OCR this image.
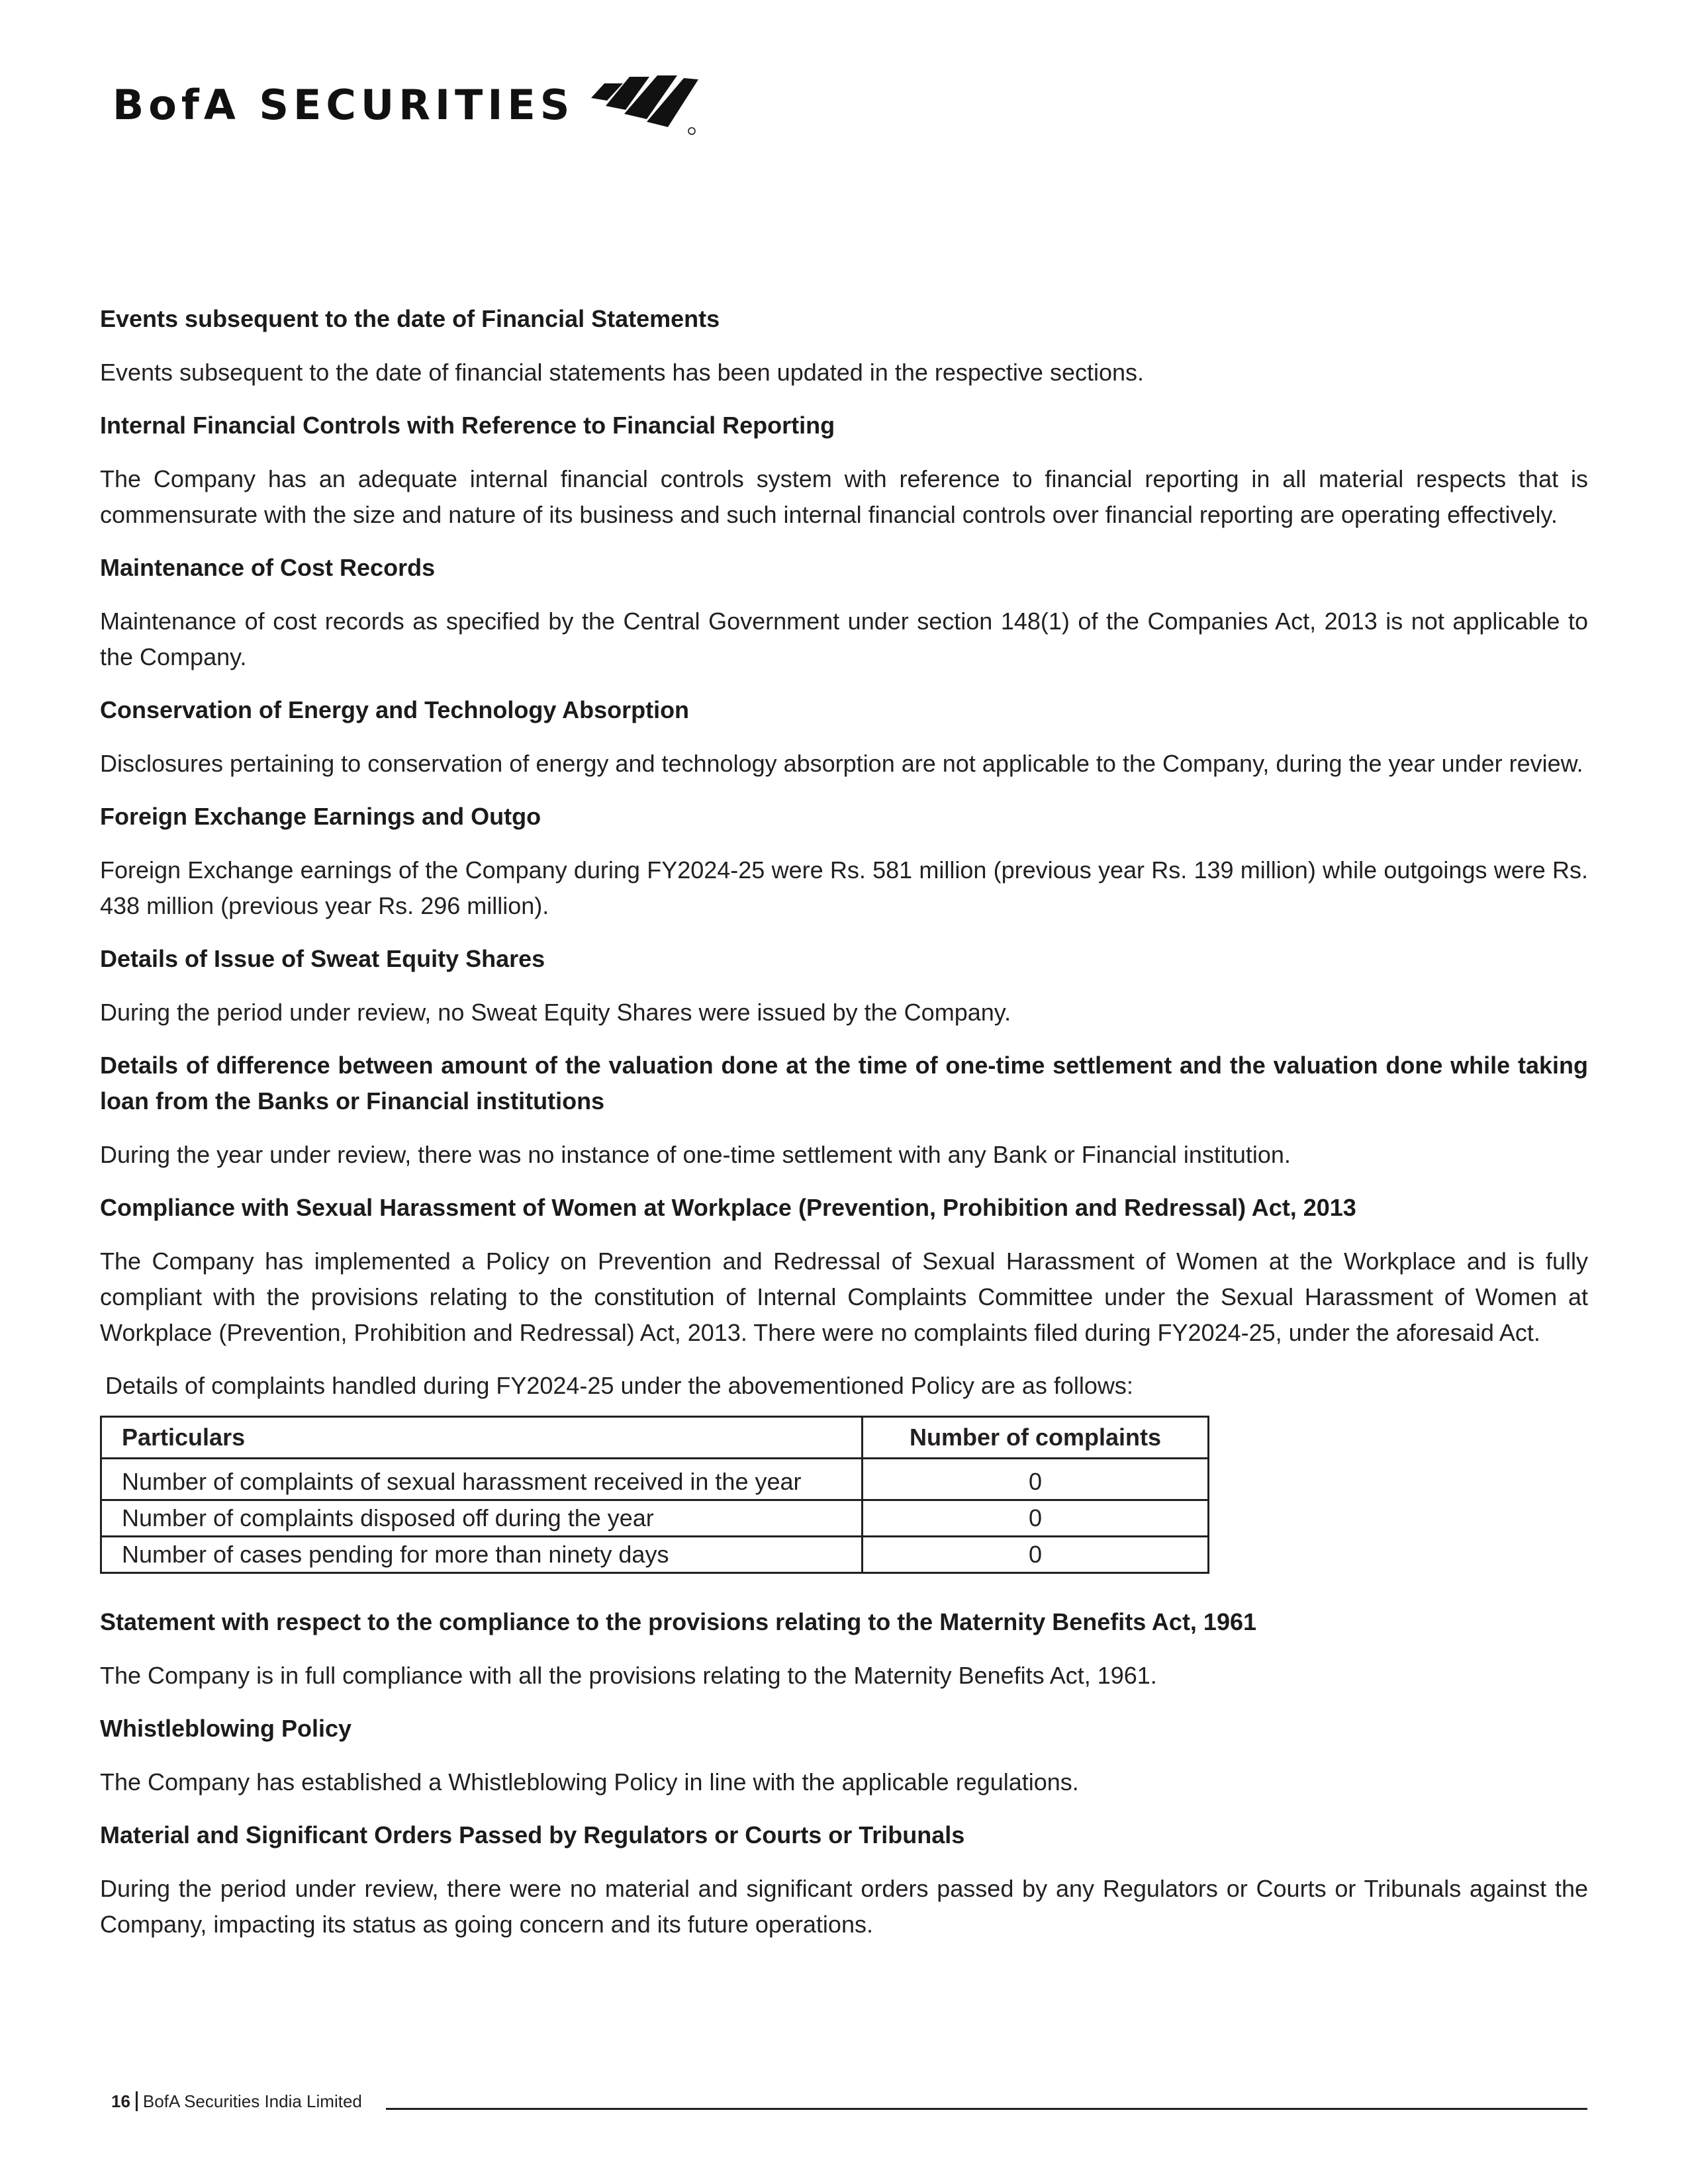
BofA SECURITIES

Events subsequent to the date of Financial Statements

Events subsequent to the date of financial statements has been updated in the respective sections.

Internal Financial Controls with Reference to Financial Reporting

The Company has an adequate internal financial controls system with reference to financial reporting in all material respects that is commensurate with the size and nature of its business and such internal financial controls over financial reporting are operating effectively.

Maintenance of Cost Records

Maintenance of cost records as specified by the Central Government under section 148(1) of the Companies Act, 2013 is not applicable to the Company.

Conservation of Energy and Technology Absorption

Disclosures pertaining to conservation of energy and technology absorption are not applicable to the Company, during the year under review.

Foreign Exchange Earnings and Outgo

Foreign Exchange earnings of the Company during FY2024-25 were Rs. 581 million (previous year Rs. 139 million) while outgoings were Rs. 438 million (previous year Rs. 296 million).

Details of Issue of Sweat Equity Shares

During the period under review, no Sweat Equity Shares were issued by the Company.

Details of difference between amount of the valuation done at the time of one-time settlement and the valuation done while taking loan from the Banks or Financial institutions

During the year under review, there was no instance of one-time settlement with any Bank or Financial institution.

Compliance with Sexual Harassment of Women at Workplace (Prevention, Prohibition and Redressal) Act, 2013

The Company has implemented a Policy on Prevention and Redressal of Sexual Harassment of Women at the Workplace and is fully compliant with the provisions relating to the constitution of Internal Complaints Committee under the Sexual Harassment of Women at Workplace (Prevention, Prohibition and Redressal) Act, 2013. There were no complaints filed during FY2024-25, under the aforesaid Act.

Details of complaints handled during FY2024-25 under the abovementioned Policy are as follows:

Particulars	Number of complaints
Number of complaints of sexual harassment received in the year	0
Number of complaints disposed off during the year	0
Number of cases pending for more than ninety days	0

Statement with respect to the compliance to the provisions relating to the Maternity Benefits Act, 1961

The Company is in full compliance with all the provisions relating to the Maternity Benefits Act, 1961.

Whistleblowing Policy

The Company has established a Whistleblowing Policy in line with the applicable regulations.

Material and Significant Orders Passed by Regulators or Courts or Tribunals

During the period under review, there were no material and significant orders passed by any Regulators or Courts or Tribunals against the Company, impacting its status as going concern and its future operations.

16 BofA Securities India Limited
